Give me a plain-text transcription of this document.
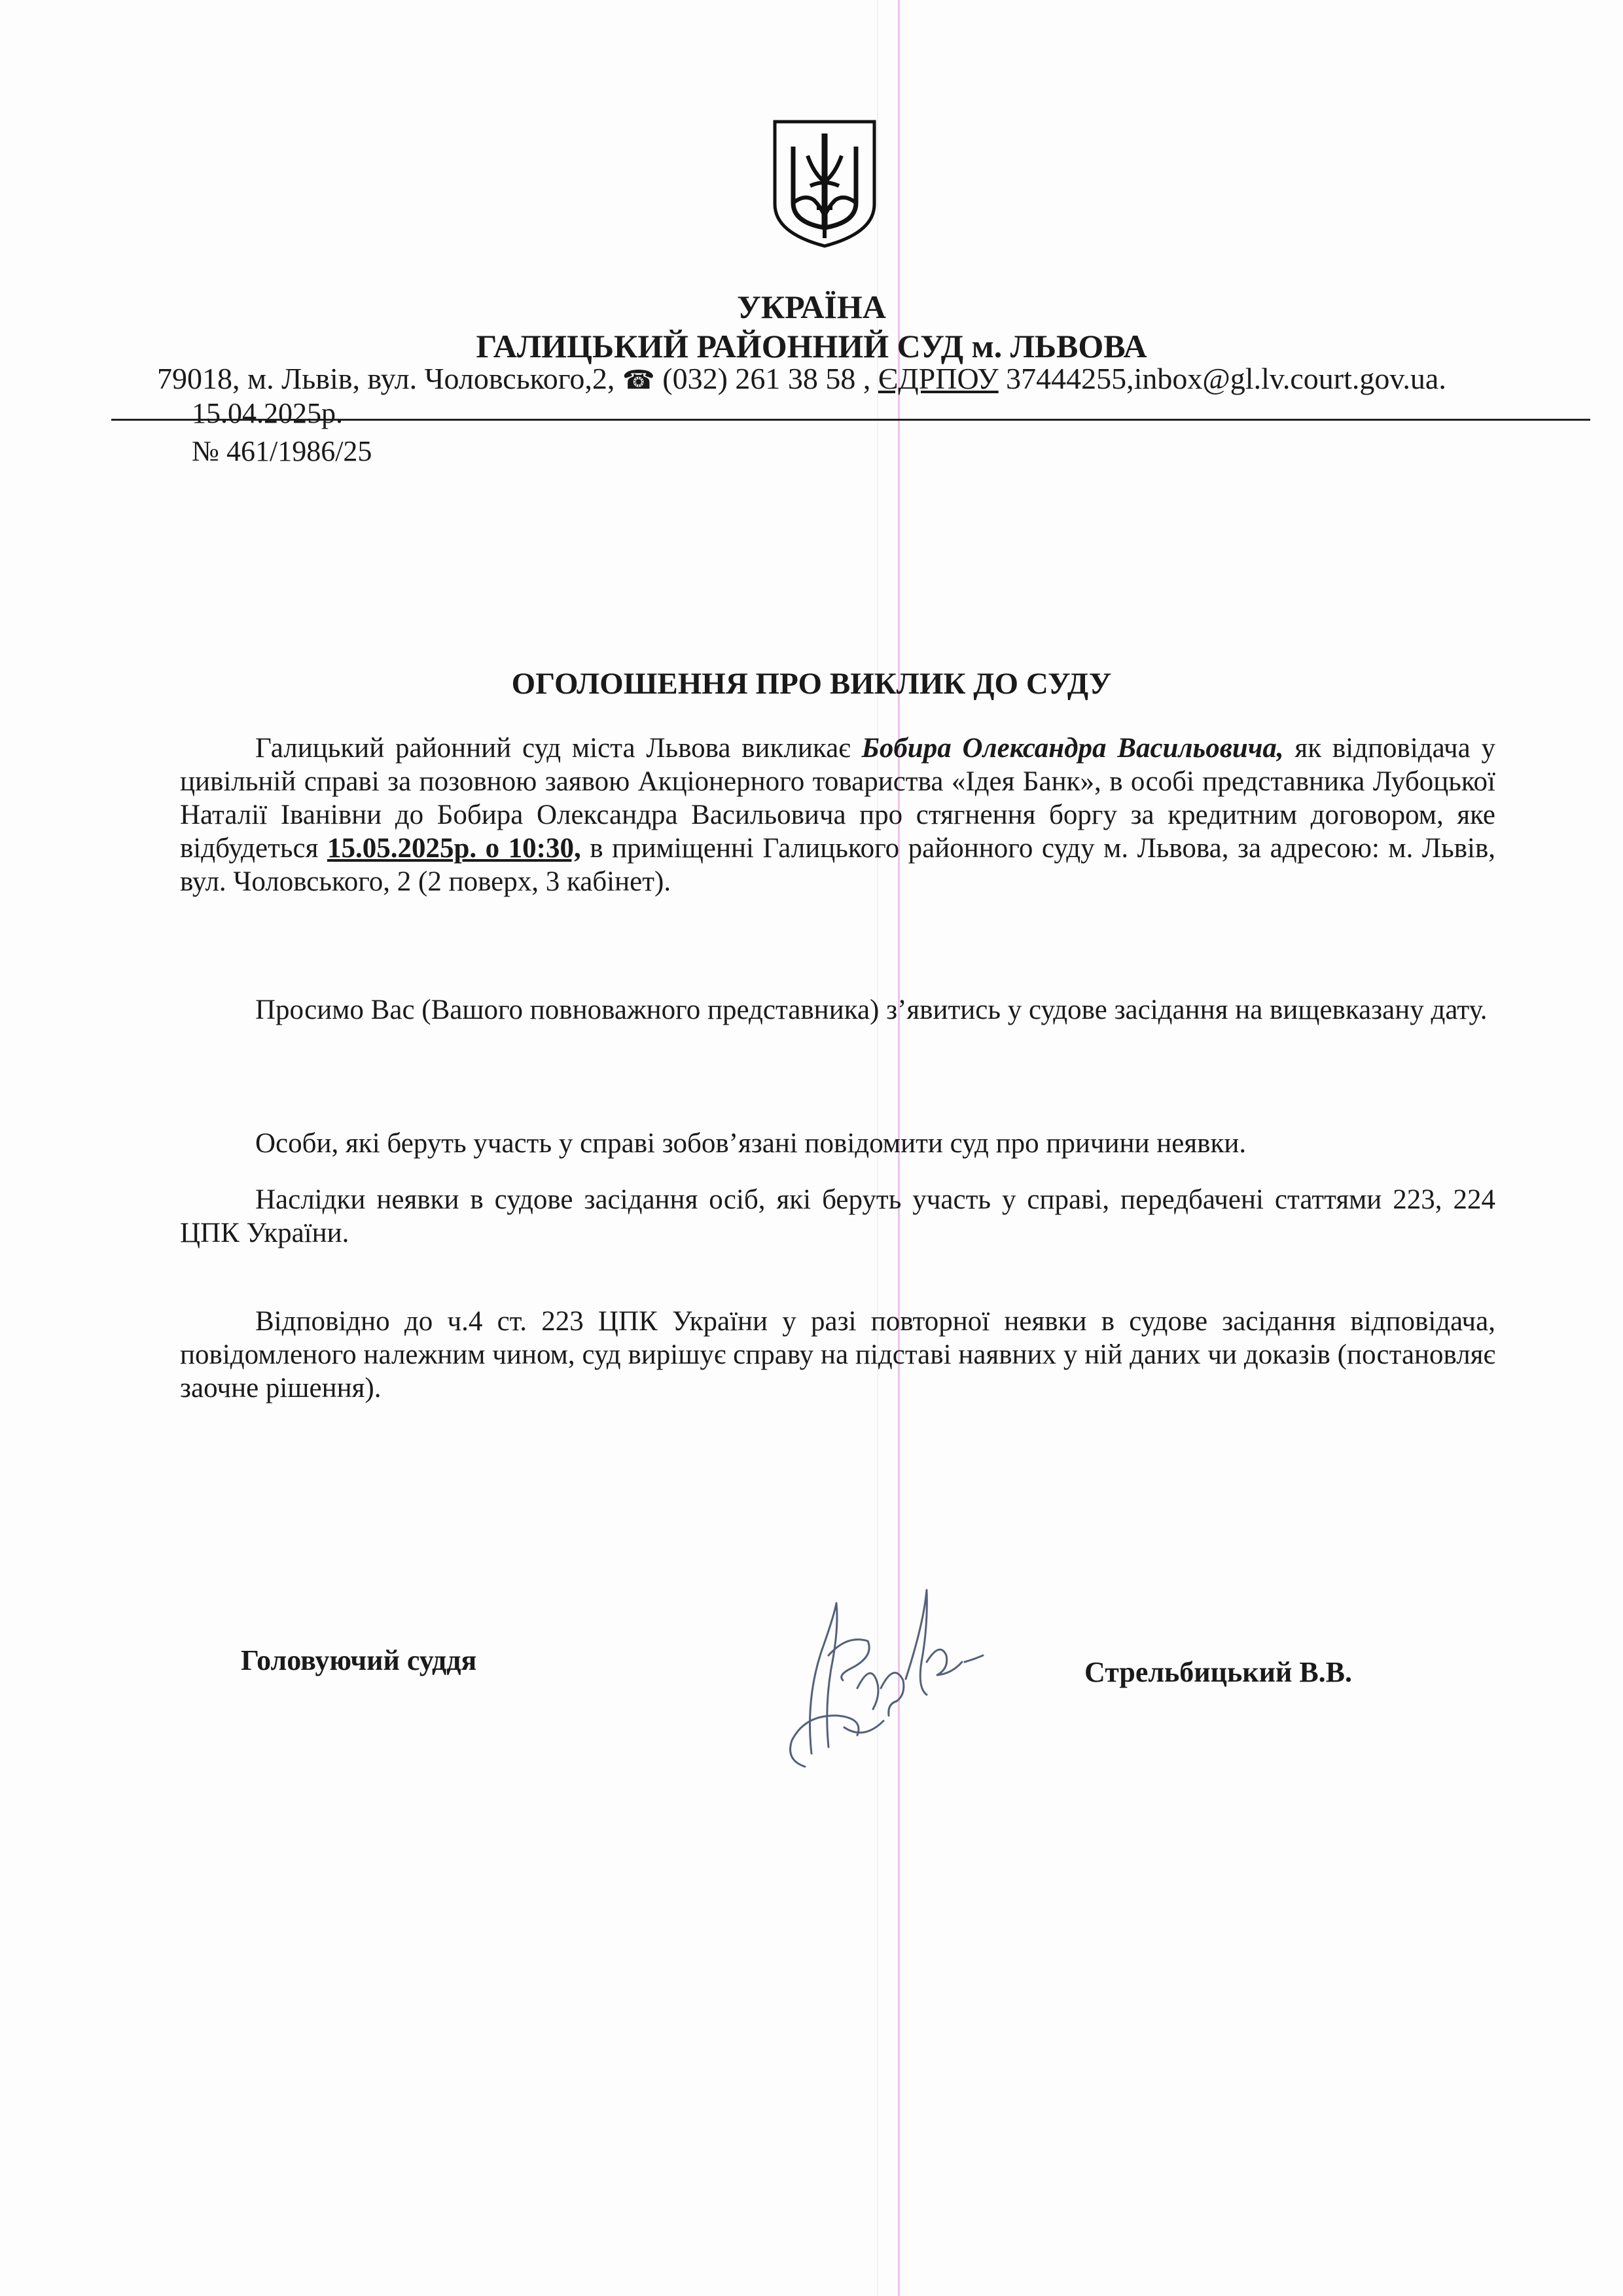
УКРАЇНА
ГАЛИЦЬКИЙ РАЙОННИЙ СУД м. ЛЬВОВА
79018, м. Львів, вул. Чоловського,2, ☎ (032) 261 38 58 , ЄДРПОУ 37444255,inbox@gl.lv.court.gov.ua.
15.04.2025р.
№ 461/1986/25
ОГОЛОШЕННЯ ПРО ВИКЛИК ДО СУДУ
Галицький районний суд міста Львова викликає Бобира Олександра Васильовича, як відповідача у цивільній справі за позовною заявою Акціонерного товариства «Ідея Банк», в особі представника Лубоцької Наталії Іванівни до Бобира Олександра Васильовича про стягнення боргу за кредитним договором, яке відбудеться 15.05.2025р. о 10:30, в приміщенні Галицького районного суду м. Львова, за адресою: м. Львів, вул. Чоловського, 2 (2 поверх, 3 кабінет).
Просимо Вас (Вашого повноважного представника) з’явитись у судове засідання на вищевказану дату.
Особи, які беруть участь у справі зобов’язані повідомити суд про причини неявки.
Наслідки неявки в судове засідання осіб, які беруть участь у справі, передбачені статтями 223, 224 ЦПК України.
Відповідно до ч.4 ст. 223 ЦПК України у разі повторної неявки в судове засідання відповідача, повідомленого належним чином, суд вирішує справу на підставі наявних у ній даних чи доказів (постановляє заочне рішення).
Головуючий суддя	Стрельбицький В.В.
